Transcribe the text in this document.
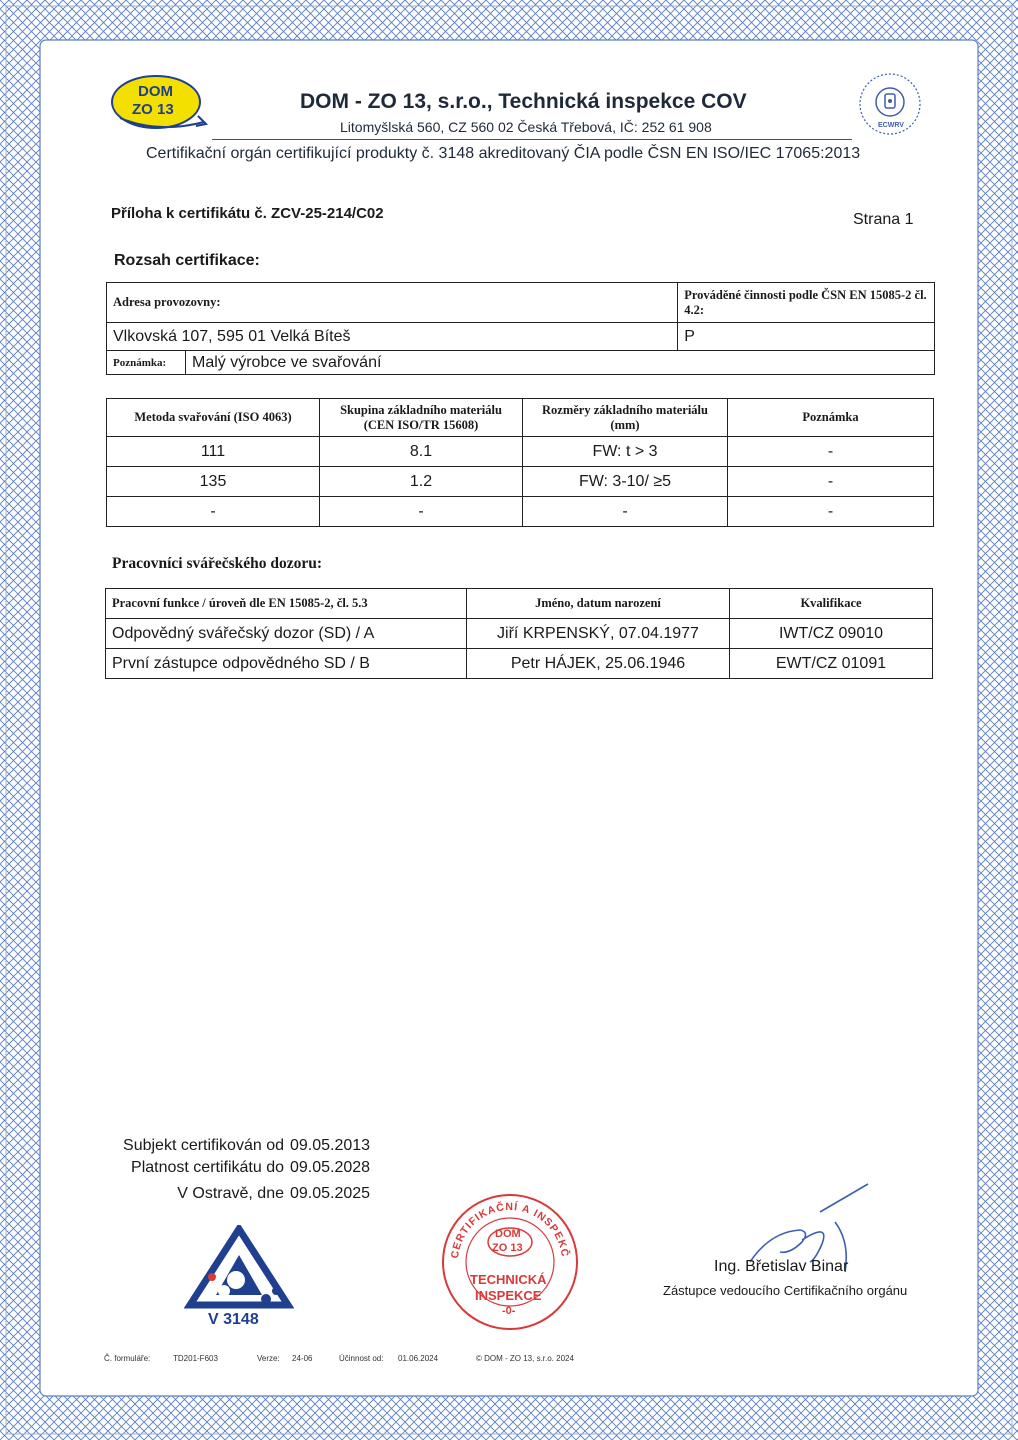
DOM
ZO 13	DOM - ZO 13, s.r.o., Technická inspekce COV
Litomyšlská 560, CZ 560 02 Česká Třebová, IČ: 252 61 908
Certifikační orgán certifikující produkty č. 3148 akreditovaný ČIA podle ČSN EN ISO/IEC 17065:2013
ECWRV
Příloha k certifikátu č. ZCV-25-214/C02	Strana 1
Rozsah certifikace:
Adresa provozovny:		Prováděné činnosti podle ČSN EN 15085-2 čl. 4.2:
Vlkovská 107, 595 01 Velká Bíteš		P
Poznámka:	Malý výrobce ve svařování	
Metoda svařování (ISO 4063)	Skupina základního materiálu (CEN ISO/TR 15608)	Rozměry základního materiálu (mm)	Poznámka
111	8.1	FW: t > 3	-
135	1.2	FW: 3-10/ ≥5	-
-	-	-	-
Pracovníci svářečského dozoru:
Pracovní funkce / úroveň dle EN 15085-2, čl. 5.3	Jméno, datum narození	Kvalifikace
Odpovědný svářečský dozor (SD) / A	Jiří KRPENSKÝ, 07.04.1977	IWT/CZ 09010
První zástupce odpovědného SD / B	Petr HÁJEK, 25.06.1946	EWT/CZ 01091
Subjekt certifikován od 09.05.2013
Platnost certifikátu do 09.05.2028
V Ostravě, dne 09.05.2025
V 3148
CERTIFIKAČNÍ A INSPEKČ
DOM
ZO 13
TECHNICKÁ
INSPEKCE
-0-
Ing. Břetislav Binar
Zástupce vedoucího Certifikačního orgánu
Č. formuláře:	TD201-F603	Verze: 24-06	Účinnost od: 01.06.2024	© DOM - ZO 13, s.r.o. 2024
